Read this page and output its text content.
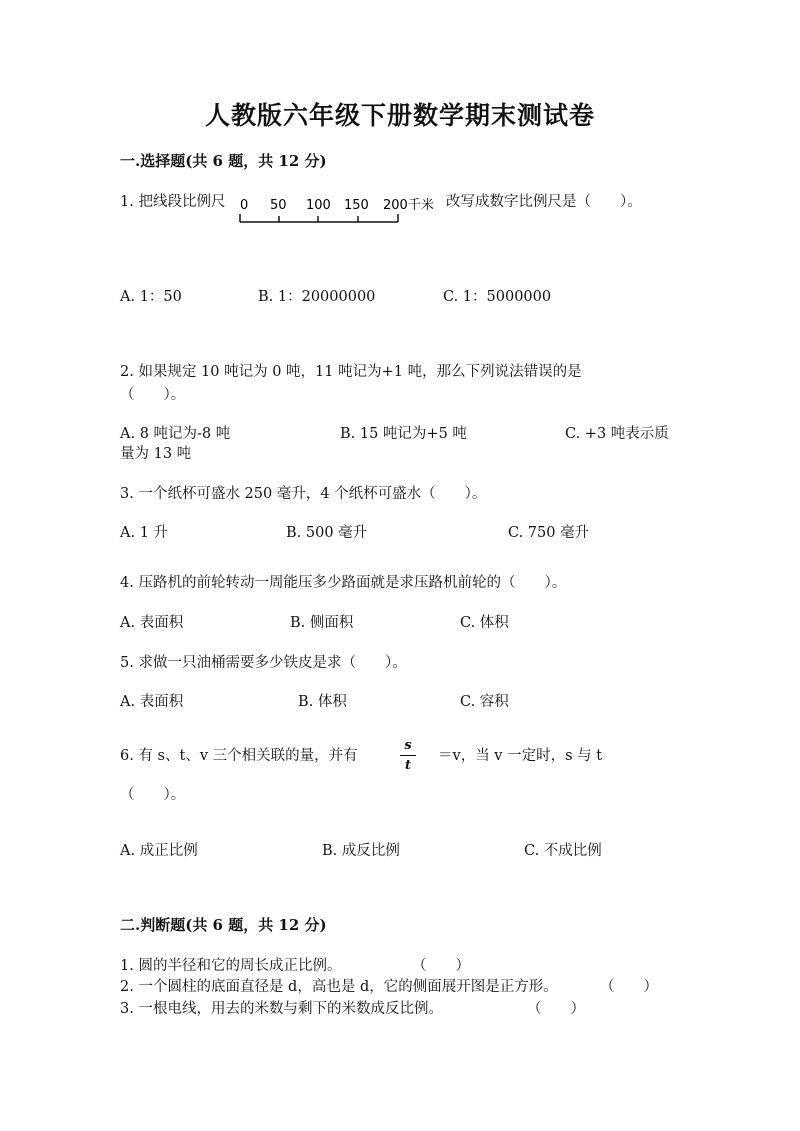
人教版六年级下册数学期末测试卷
一.选择题(共 6 题，共 12 分)
1. 把线段比例尺 0 50 100 150 200千米 改写成数字比例尺是（　　）。
A. 1：50	B. 1：20000000	C. 1：5000000
2. 如果规定 10 吨记为 0 吨，11 吨记为+1 吨，那么下列说法错误的是
（　　）。
A. 8 吨记为-8 吨	B. 15 吨记为+5 吨	C. +3 吨表示质
量为 13 吨
3. 一个纸杯可盛水 250 毫升，4 个纸杯可盛水（　　）。
A. 1 升	B. 500 毫升	C. 750 毫升
4. 压路机的前轮转动一周能压多少路面就是求压路机前轮的（　　）。
A. 表面积	B. 侧面积	C. 体积
5. 求做一只油桶需要多少铁皮是求（　　）。
A. 表面积	B. 体积	C. 容积
6. 有 s、t、v 三个相关联的量，并有
s
t
＝v，当 v 一定时，s 与 t
（　　）。
A. 成正比例	B. 成反比例	C. 不成比例
二.判断题(共 6 题，共 12 分)
1. 圆的半径和它的周长成正比例。	（　　）
2. 一个圆柱的底面直径是 d，高也是 d，它的侧面展开图是正方形。	（　　）
3. 一根电线，用去的米数与剩下的米数成反比例。	（　　）
